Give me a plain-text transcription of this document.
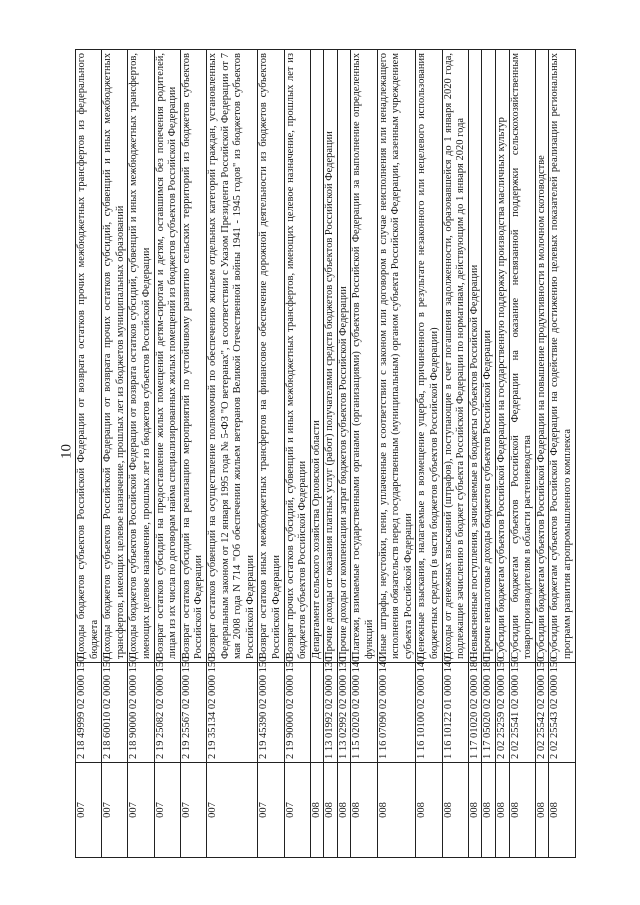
10
007	2 18 49999 02 0000 150	Доходы бюджетов субъектов Российской Федерации от возврата остатков прочих межбюджетных трансфертов из федерального бюджета
007	2 18 60010 02 0000 150	Доходы бюджетов субъектов Российской Федерации от возврата прочих остатков субсидий, субвенций и иных межбюджетных трансфертов, имеющих целевое назначение, прошлых лет из бюджетов муниципальных образований
007	2 18 90000 02 0000 150	Доходы бюджетов субъектов Российской Федерации от возврата остатков субсидий, субвенций и иных межбюджетных трансфертов, имеющих целевое назначение, прошлых лет из бюджетов субъектов Российской Федерации
007	2 19 25082 02 0000 150	Возврат остатков субсидий на предоставление жилых помещений детям-сиротам и детям, оставшимся без попечения родителей, лицам из их числа по договорам найма специализированных жилых помещений из бюджетов субъектов Российской Федерации
007	2 19 25567 02 0000 150	Возврат остатков субсидий на реализацию мероприятий по устойчивому развитию сельских территорий из бюджетов субъектов Российской Федерации
007	2 19 35134 02 0000 150	Возврат остатков субвенций на осуществление полномочий по обеспечению жильем отдельных категорий граждан, установленных Федеральным законом от 12 января 1995 года № 5-ФЗ "О ветеранах", в соответствии с Указом Президента Российской Федерации от 7 мая 2008 года N 714 "Об обеспечении жильем ветеранов Великой Отечественной войны 1941 - 1945 годов" из бюджетов субъектов Российской Федерации
007	2 19 45390 02 0000 150	Возврат остатков иных межбюджетных трансфертов на финансовое обеспечение дорожной деятельности из бюджетов субъектов Российской Федерации
007	2 19 90000 02 0000 150	Возврат прочих остатков субсидий, субвенций и иных межбюджетных трансфертов, имеющих целевое назначение, прошлых лет из бюджетов субъектов Российской Федерации
008		Департамент сельского хозяйства Орловской области
008	1 13 01992 02 0000 130	Прочие доходы от оказания платных услуг (работ) получателями средств бюджетов субъектов Российской Федерации
008	1 13 02992 02 0000 130	Прочие доходы от компенсации затрат бюджетов субъектов Российской Федерации
008	1 15 02020 02 0000 140	Платежи, взимаемые государственными органами (организациями) субъектов Российской Федерации за выполнение определенных функций
008	1 16 07090 02 0000 140	Иные штрафы, неустойки, пени, уплаченные в соответствии с законом или договором в случае неисполнения или ненадлежащего исполнения обязательств перед государственным (муниципальным) органом субъекта Российской Федерации, казенным учреждением субъекта Российской Федерации
008	1 16 10100 02 0000 140	Денежные взыскания, налагаемые в возмещение ущерба, причиненного в результате незаконного или нецелевого использования бюджетных средств (в части бюджетов субъектов Российской Федерации)
008	1 16 10122 01 0000 140	Доходы от денежных взысканий (штрафов), поступающие в счет погашения задолженности, образовавшейся до 1 января 2020 года, подлежащие зачислению в бюджет субъекта Российской Федерации по нормативам, действующим до 1 января 2020 года
008	1 17 01020 02 0000 180	Невыясненные поступления, зачисляемые в бюджеты субъектов Российской Федерации
008	1 17 05020 02 0000 180	Прочие неналоговые доходы бюджетов субъектов Российской Федерации
008	2 02 25259 02 0000 150	Субсидии бюджетам субъектов Российской Федерации на государственную поддержку производства масличных культур
008	2 02 25541 02 0000 150	Субсидии бюджетам субъектов Российской Федерации на оказание несвязанной поддержки сельскохозяйственным товаропроизводителям в области растениеводства
008	2 02 25542 02 0000 150	Субсидии бюджетам субъектов Российской Федерации на повышение продуктивности в молочном скотоводстве
008	2 02 25543 02 0000 150	Субсидии бюджетам субъектов Российской Федерации на содействие достижению целевых показателей реализации региональных программ развития агропромышленного комплекса
